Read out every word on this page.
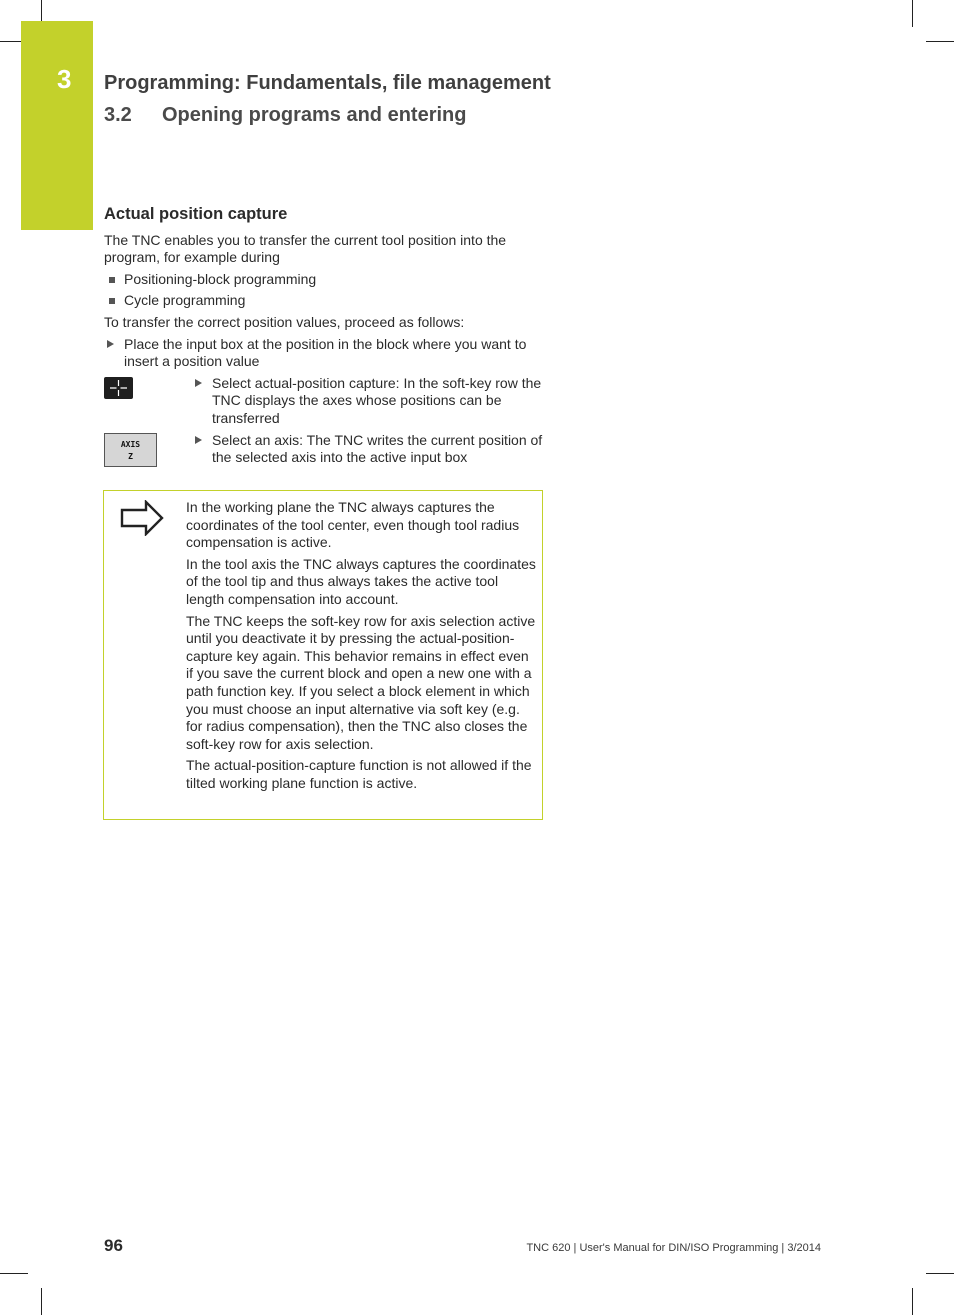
3 Programming: Fundamentals, file management
3.2 Opening programs and entering
Actual position capture
The TNC enables you to transfer the current tool position into the program, for example during
Positioning-block programming
Cycle programming
To transfer the correct position values, proceed as follows:
Place the input box at the position in the block where you want to insert a position value
Select actual-position capture: In the soft-key row the TNC displays the axes whose positions can be transferred
AXIS
Z
Select an axis: The TNC writes the current position of the selected axis into the active input box

In the working plane the TNC always captures the coordinates of the tool center, even though tool radius compensation is active.

In the tool axis the TNC always captures the coordinates of the tool tip and thus always takes the active tool length compensation into account.

The TNC keeps the soft-key row for axis selection active until you deactivate it by pressing the actual-position-capture key again. This behavior remains in effect even if you save the current block and open a new one with a path function key. If you select a block element in which you must choose an input alternative via soft key (e.g. for radius compensation), then the TNC also closes the soft-key row for axis selection.

The actual-position-capture function is not allowed if the tilted working plane function is active.

96	TNC 620 | User's Manual for DIN/ISO Programming | 3/2014
